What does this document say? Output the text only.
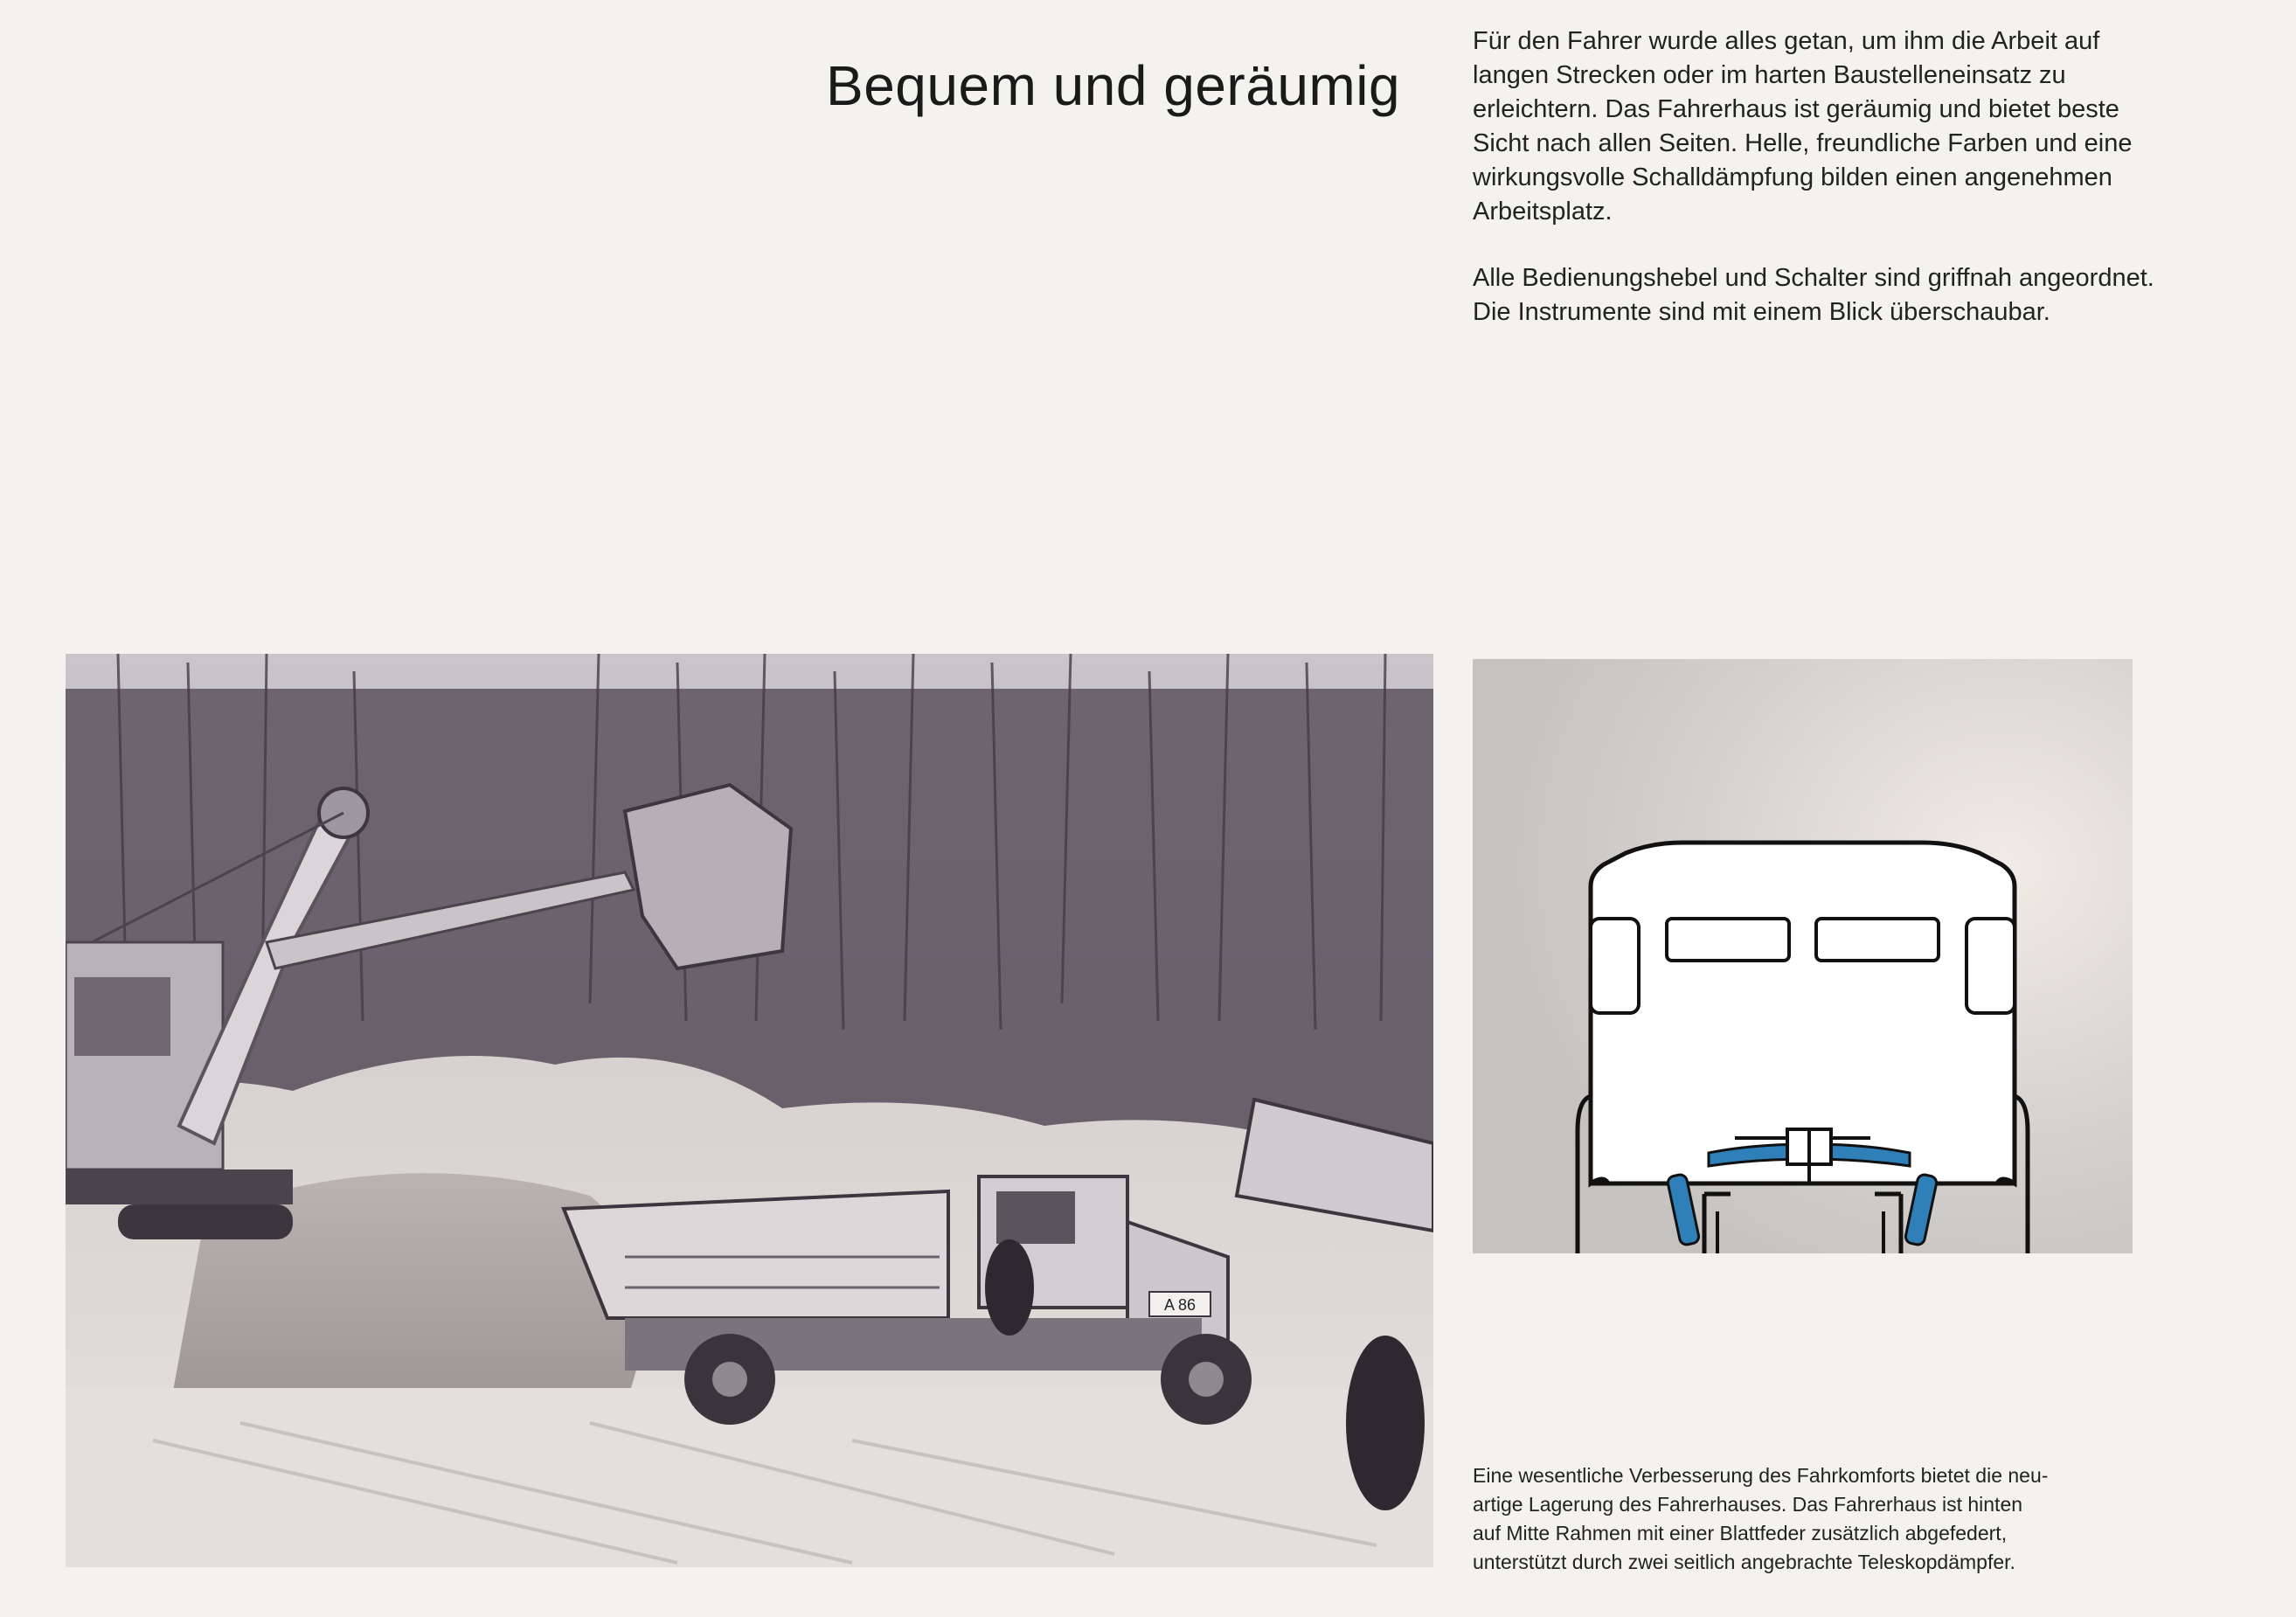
Bequem und geräumig

Für den Fahrer wurde alles getan, um ihm die Arbeit auf langen Strecken oder im harten Baustelleneinsatz zu erleichtern. Das Fahrerhaus ist geräumig und bietet beste Sicht nach allen Seiten. Helle, freundliche Farben und eine wirkungsvolle Schalldämpfung bilden einen angenehmen Arbeitsplatz.

Alle Bedienungshebel und Schalter sind griffnah angeordnet. Die Instrumente sind mit einem Blick überschaubar.

A 86
Eine wesentliche Verbesserung des Fahrkomforts bietet die neu-
artige Lagerung des Fahrerhauses. Das Fahrerhaus ist hinten
auf Mitte Rahmen mit einer Blattfeder zusätzlich abgefedert,
unterstützt durch zwei seitlich angebrachte Teleskopdämpfer.
